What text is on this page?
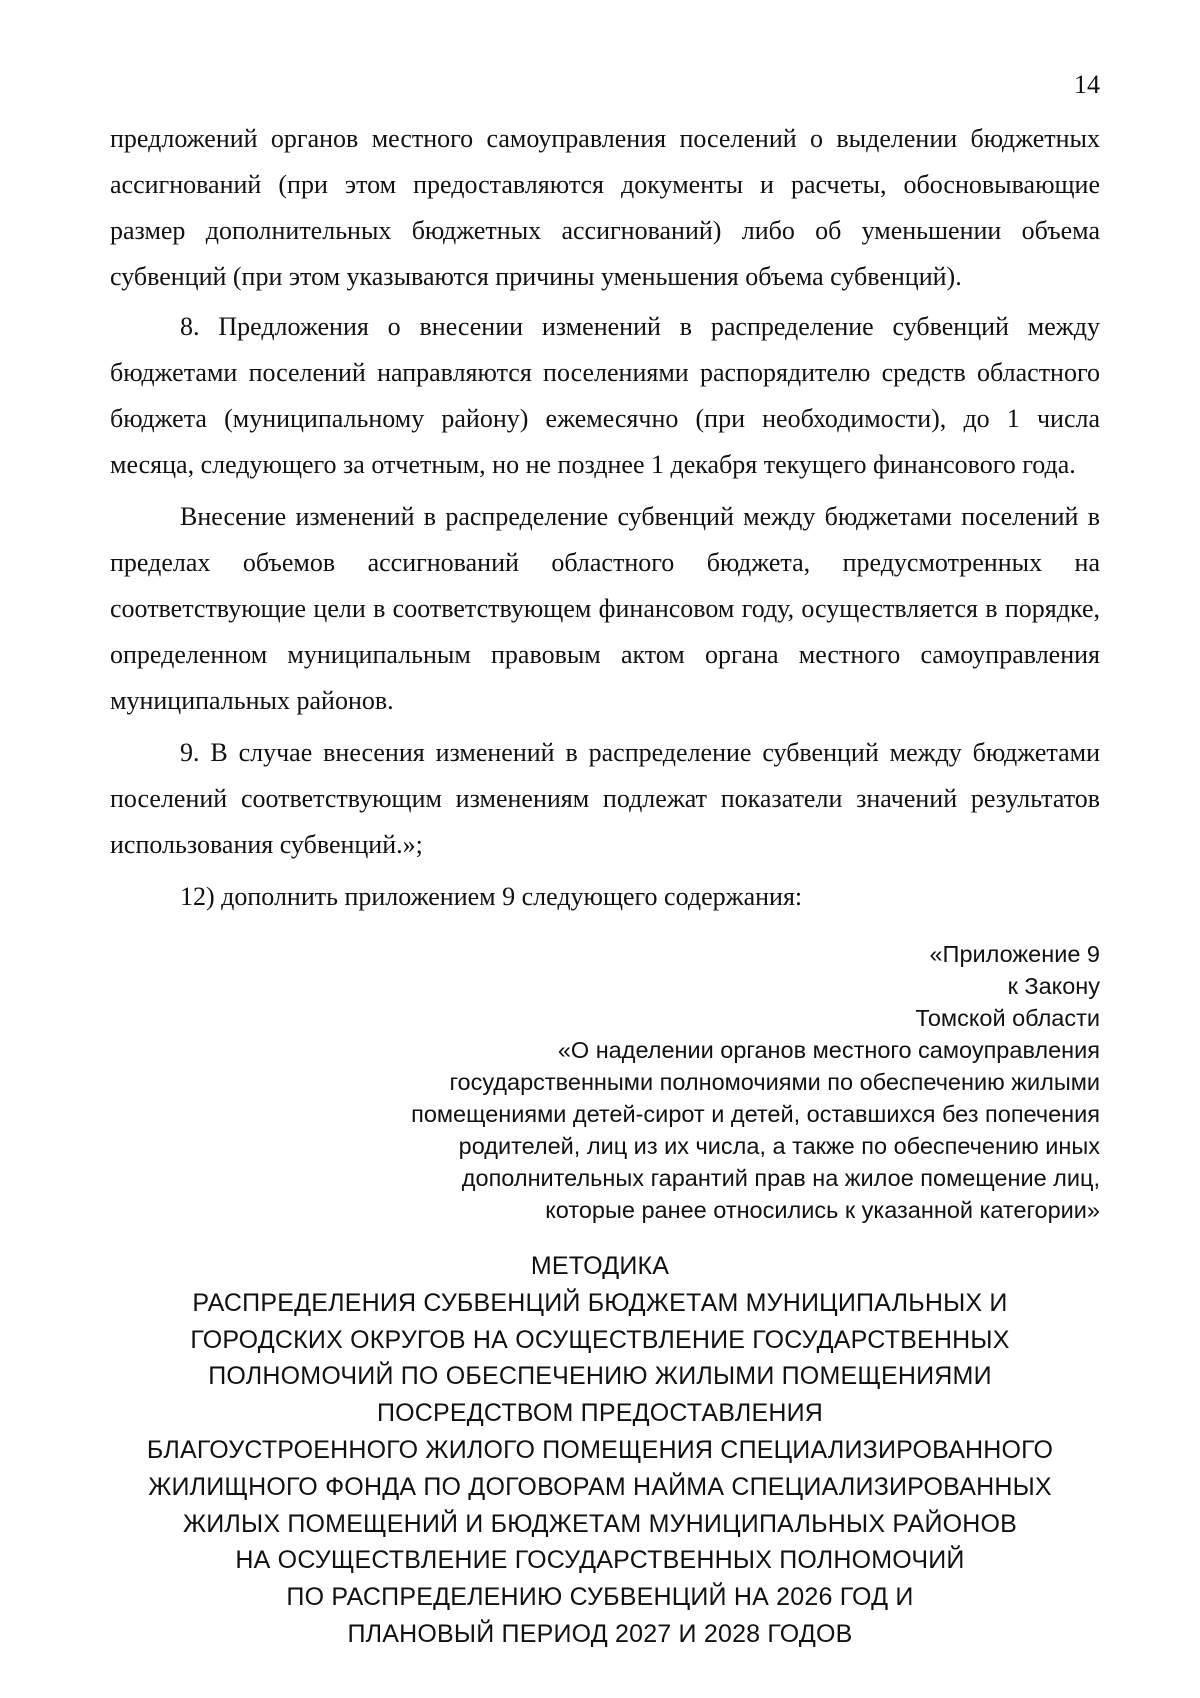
14

предложений органов местного самоуправления поселений о выделении бюджетных ассигнований (при этом предоставляются документы и расчеты, обосновывающие размер дополнительных бюджетных ассигнований) либо об уменьшении объема субвенций (при этом указываются причины уменьшения объема субвенций).

8. Предложения о внесении изменений в распределение субвенций между бюджетами поселений направляются поселениями распорядителю средств областного бюджета (муниципальному району) ежемесячно (при необходимости), до 1 числа месяца, следующего за отчетным, но не позднее 1 декабря текущего финансового года.

Внесение изменений в распределение субвенций между бюджетами поселений в пределах объемов ассигнований областного бюджета, предусмотренных на соответствующие цели в соответствующем финансовом году, осуществляется в порядке, определенном муниципальным правовым актом органа местного самоуправления муниципальных районов.

9. В случае внесения изменений в распределение субвенций между бюджетами поселений соответствующим изменениям подлежат показатели значений результатов использования субвенций.»;

12) дополнить приложением 9 следующего содержания:

«Приложение 9
к Закону
Томской области
«О наделении органов местного самоуправления
государственными полномочиями по обеспечению жилыми
помещениями детей-сирот и детей, оставшихся без попечения
родителей, лиц из их числа, а также по обеспечению иных
дополнительных гарантий прав на жилое помещение лиц,
которые ранее относились к указанной категории»
МЕТОДИКА
РАСПРЕДЕЛЕНИЯ СУБВЕНЦИЙ БЮДЖЕТАМ МУНИЦИПАЛЬНЫХ И
ГОРОДСКИХ ОКРУГОВ НА ОСУЩЕСТВЛЕНИЕ ГОСУДАРСТВЕННЫХ
ПОЛНОМОЧИЙ ПО ОБЕСПЕЧЕНИЮ ЖИЛЫМИ ПОМЕЩЕНИЯМИ
ПОСРЕДСТВОМ ПРЕДОСТАВЛЕНИЯ
БЛАГОУСТРОЕННОГО ЖИЛОГО ПОМЕЩЕНИЯ СПЕЦИАЛИЗИРОВАННОГО
ЖИЛИЩНОГО ФОНДА ПО ДОГОВОРАМ НАЙМА СПЕЦИАЛИЗИРОВАННЫХ
ЖИЛЫХ ПОМЕЩЕНИЙ И БЮДЖЕТАМ МУНИЦИПАЛЬНЫХ РАЙОНОВ
НА ОСУЩЕСТВЛЕНИЕ ГОСУДАРСТВЕННЫХ ПОЛНОМОЧИЙ
ПО РАСПРЕДЕЛЕНИЮ СУБВЕНЦИЙ НА 2026 ГОД И
ПЛАНОВЫЙ ПЕРИОД 2027 И 2028 ГОДОВ
